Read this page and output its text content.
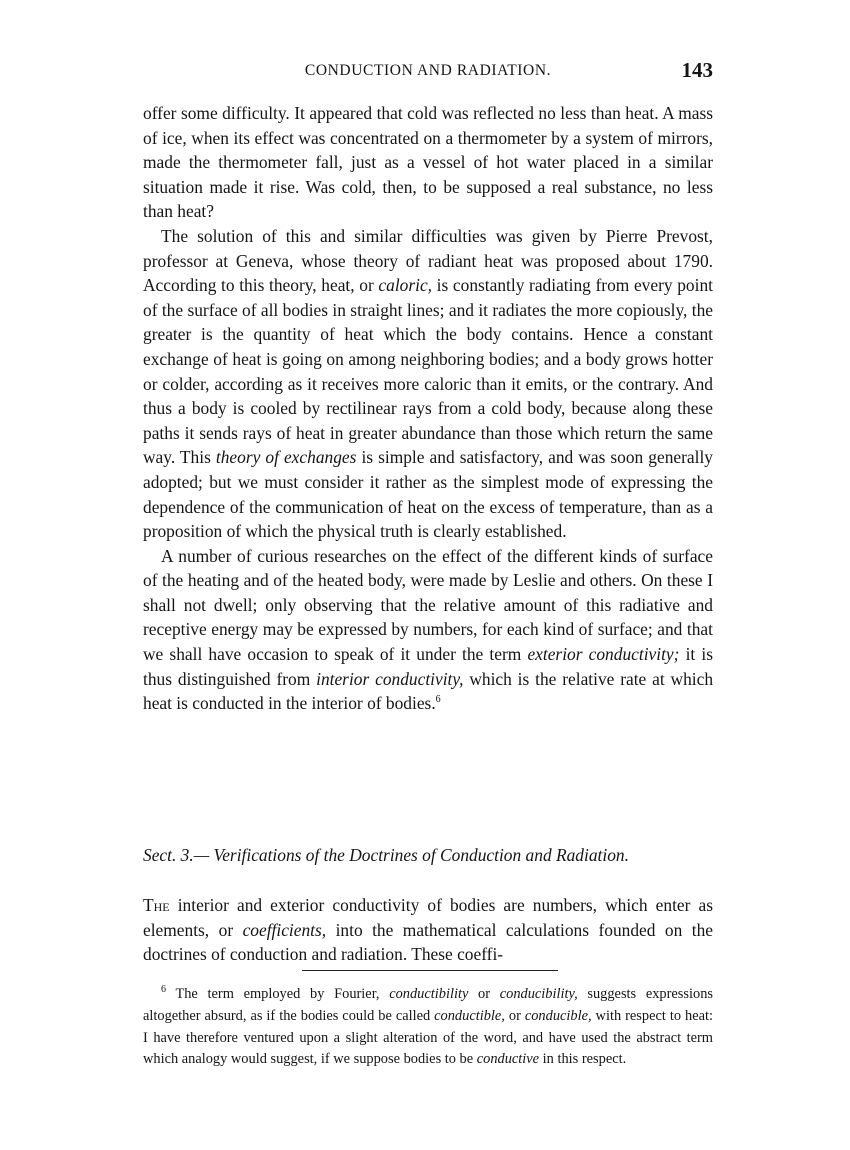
CONDUCTION AND RADIATION.	143

offer some difficulty. It appeared that cold was reflected no less than heat. A mass of ice, when its effect was concentrated on a thermometer by a system of mirrors, made the thermometer fall, just as a vessel of hot water placed in a similar situation made it rise. Was cold, then, to be supposed a real substance, no less than heat?

The solution of this and similar difficulties was given by Pierre Prevost, professor at Geneva, whose theory of radiant heat was proposed about 1790. According to this theory, heat, or caloric, is constantly radiating from every point of the surface of all bodies in straight lines; and it radiates the more copiously, the greater is the quantity of heat which the body contains. Hence a constant exchange of heat is going on among neighboring bodies; and a body grows hotter or colder, according as it receives more caloric than it emits, or the contrary. And thus a body is cooled by rectilinear rays from a cold body, because along these paths it sends rays of heat in greater abundance than those which return the same way. This theory of exchanges is simple and satisfactory, and was soon generally adopted; but we must consider it rather as the simplest mode of expressing the dependence of the communication of heat on the excess of temperature, than as a proposition of which the physical truth is clearly established.

A number of curious researches on the effect of the different kinds of surface of the heating and of the heated body, were made by Leslie and others. On these I shall not dwell; only observing that the relative amount of this radiative and receptive energy may be expressed by numbers, for each kind of surface; and that we shall have occasion to speak of it under the term exterior conductivity; it is thus distinguished from interior conductivity, which is the relative rate at which heat is conducted in the interior of bodies.$^6$

Sect. 3.— Verifications of the Doctrines of Conduction and Radiation.

The interior and exterior conductivity of bodies are numbers, which enter as elements, or coefficients, into the mathematical calculations founded on the doctrines of conduction and radiation. These coeffi-

$^6$ The term employed by Fourier, conductibility or conducibility, suggests expressions altogether absurd, as if the bodies could be called conductible, or conducible, with respect to heat: I have therefore ventured upon a slight alteration of the word, and have used the abstract term which analogy would suggest, if we suppose bodies to be conductive in this respect.
